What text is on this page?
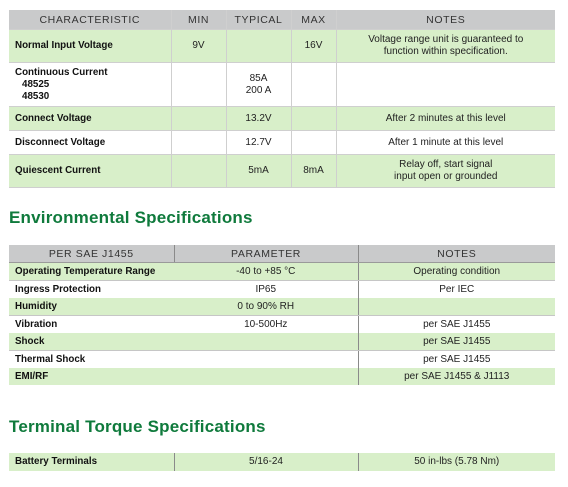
CHARACTERISTIC	MIN	TYPICAL	MAX	NOTES
Normal Input Voltage	9V		16V	Voltage range unit is guaranteed to
function within specification.

Continuous Current
48525
48530		85A
200 A		

Connect Voltage		13.2V		After 2 minutes at this level
Disconnect Voltage		12.7V		After 1 minute at this level
Quiescent Current		5mA	8mA	Relay off, start signal
input open or grounded
Environmental Specifications
PER SAE J1455	PARAMETER	NOTES
Operating Temperature Range	-40 to +85 °C	Operating condition
Ingress Protection	IP65	Per IEC
Humidity	0 to 90% RH	
Vibration	10-500Hz	per SAE J1455
Shock		per SAE J1455
Thermal Shock		per SAE J1455
EMI/RF		per SAE J1455 & J1113
Terminal Torque Specifications
Battery Terminals	5/16-24	50 in-lbs (5.78 Nm)
